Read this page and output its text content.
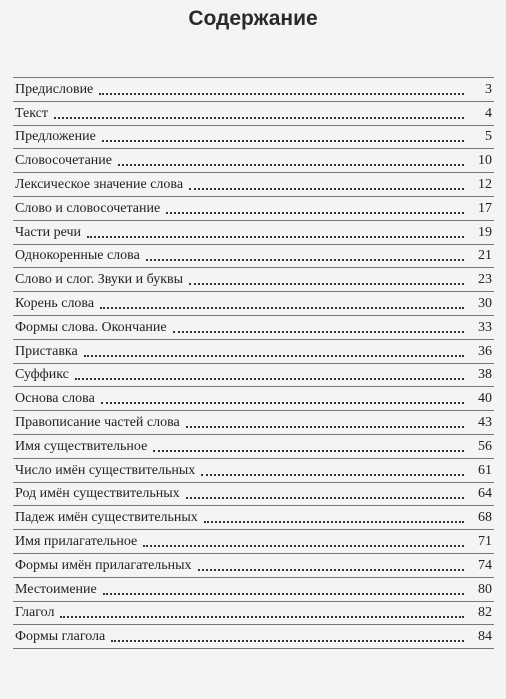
Содержание
Предисловие	3
Текст	4
Предложение	5
Словосочетание	10
Лексическое значение слова	12
Слово и словосочетание	17
Части речи	19
Однокоренные слова	21
Слово и слог. Звуки и буквы	23
Корень слова	30
Формы слова. Окончание	33
Приставка	36
Суффикс	38
Основа слова	40
Правописание частей слова	43
Имя существительное	56
Число имён существительных	61
Род имён существительных	64
Падеж имён существительных	68
Имя прилагательное	71
Формы имён прилагательных	74
Местоимение	80
Глагол	82
Формы глагола	84
